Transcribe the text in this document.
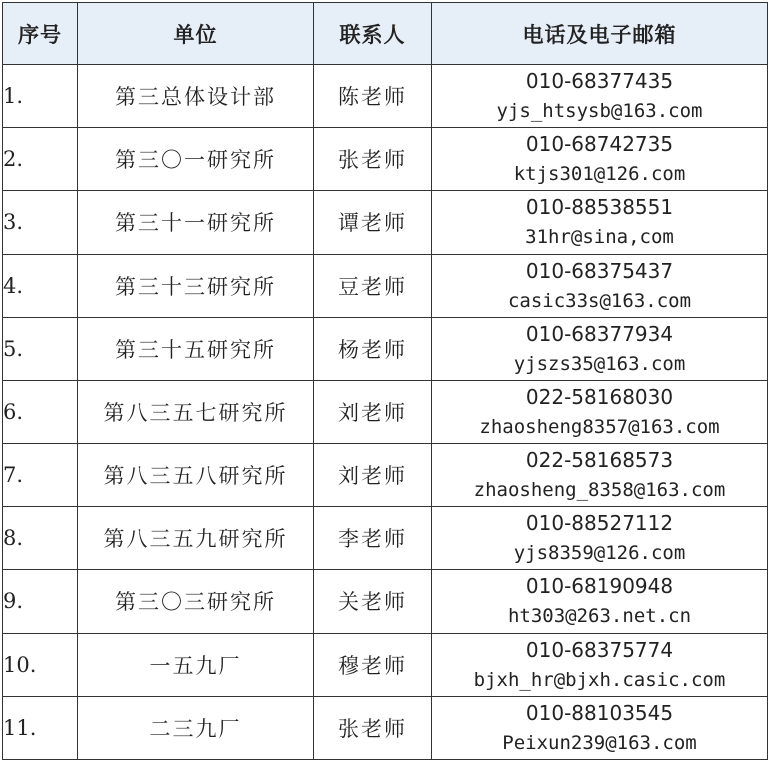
序号	单位	联系人	电话及电子邮箱
1.	第三总体设计部	陈老师	010-68377435
yjs_htsysb@163.com

2.	第三〇一研究所	张老师	010-68742735
ktjs301@126.com

3.	第三十一研究所	谭老师	010-88538551
31hr@sina,com

4.	第三十三研究所	豆老师	010-68375437
casic33s@163.com

5.	第三十五研究所	杨老师	010-68377934
yjszs35@163.com

6.	第八三五七研究所	刘老师	022-58168030
zhaosheng8357@163.com

7.	第八三五八研究所	刘老师	022-58168573
zhaosheng_8358@163.com

8.	第八三五九研究所	李老师	010-88527112
yjs8359@126.com

9.	第三〇三研究所	关老师	010-68190948
ht303@263.net.cn

10.	一五九厂	穆老师	010-68375774
bjxh_hr@bjxh.casic.com

11.	二三九厂	张老师	010-88103545
Peixun239@163.com
